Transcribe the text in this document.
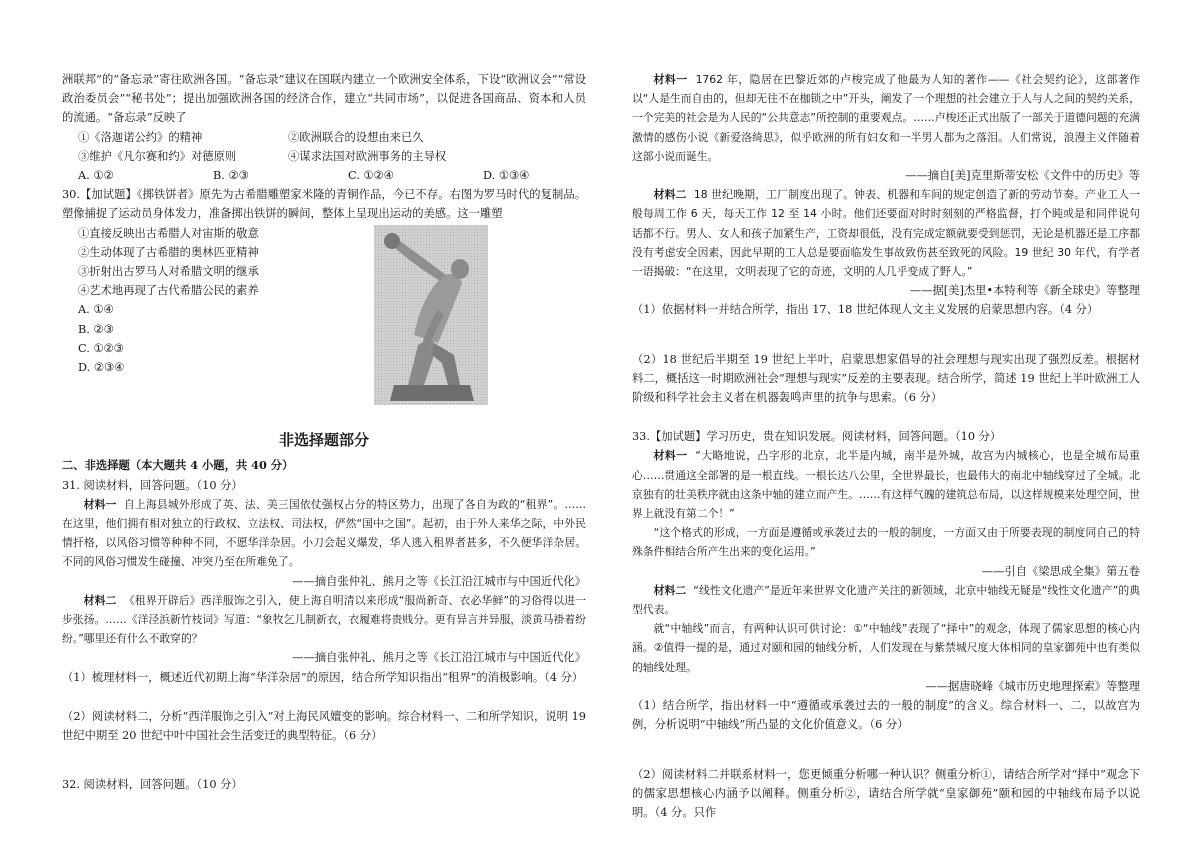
洲联邦”的“备忘录”寄往欧洲各国。“备忘录”建议在国联内建立一个欧洲安全体系，下设“欧洲议会”“常设政治委员会”“秘书处”；提出加强欧洲各国的经济合作，建立“共同市场”，以促进各国商品、资本和人员的流通。“备忘录”反映了

①《洛迦诺公约》的精神	②欧洲联合的设想由来已久
③维护《凡尔赛和约》对德原则	④谋求法国对欧洲事务的主导权
A. ①②	B. ②③	C. ①②④	D. ①③④

30.【加试题】《掷铁饼者》原先为古希腊雕塑家米隆的青铜作品，今已不存。右图为罗马时代的复制品。塑像捕捉了运动员身体发力，准备掷出铁饼的瞬间，整体上呈现出运动的美感。这一雕塑

①直接反映出古希腊人对宙斯的敬意

②生动体现了古希腊的奥林匹亚精神

③折射出古罗马人对希腊文明的继承

④艺术地再现了古代希腊公民的素养

A. ①④

B. ②③

C. ①②③

D. ②③④

非选择题部分

二、非选择题（本大题共 4 小题，共 40 分）

31. 阅读材料，回答问题。（10 分）

材料一 自上海县城外形成了英、法、美三国依仗强权占分的特区势力，出现了各自为政的“租界”。……在这里，他们拥有相对独立的行政权、立法权、司法权，俨然“国中之国”。起初，由于外人来华之际，中外民情扞格，以风俗习惯等种种不同，不愿华洋杂居。小刀会起义爆发，华人逃入租界者甚多，不久便华洋杂居。不同的风俗习惯发生碰撞、冲突乃至在所难免了。

——摘自张仲礼、熊月之等《长江沿江城市与中国近代化》

材料二 《租界开辟后》西洋服饰之引入，使上海自明清以来形成“服尚新奇、衣必华鲜”的习俗得以进一步张扬。……《洋泾浜新竹枝词》写道：“象牧乞儿制新衣，衣履难将贵贱分。更有异言并异服，淡黄马褂着纷纷。”哪里还有什么不敢穿的？

——摘自张仲礼、熊月之等《长江沿江城市与中国近代化》

（1）梳理材料一，概述近代初期上海“华洋杂居”的原因，结合所学知识指出“租界”的消极影响。（4 分）

（2）阅读材料二，分析“西洋服饰之引入”对上海民风嬗变的影响。综合材料一、二和所学知识，说明 19 世纪中期至 20 世纪中叶中国社会生活变迁的典型特征。（6 分）

32. 阅读材料，回答问题。（10 分）

材料一 1762 年，隐居在巴黎近郊的卢梭完成了他最为人知的著作——《社会契约论》，这部著作以“人是生而自由的，但却无往不在枷锁之中”开头，阐发了一个理想的社会建立于人与人之间的契约关系，一个完美的社会是为人民的“公共意志”所控制的重要观点。……卢梭还正式出版了一部关于道德问题的充满激情的感伤小说《新爱洛绮思》，似乎欧洲的所有妇女和一半男人都为之落泪。人们常说，浪漫主义伴随着这部小说而诞生。

——摘自[美]克里斯蒂安松《文件中的历史》等

材料二 18 世纪晚期，工厂制度出现了。钟表、机器和车间的规定创造了新的劳动节奏。产业工人一般每周工作 6 天，每天工作 12 至 14 小时。他们还要面对时时刻刻的严格监督，打个盹或是和同伴说句话都不行。男人、女人和孩子加紧生产，工资却很低，没有完成定额就要受到惩罚，无论是机器还是工序都没有考虑安全因素，因此早期的工人总是要面临发生事故致伤甚至致死的风险。19 世纪 30 年代，有学者一语揭破：“在这里，文明表现了它的奇迹，文明的人几乎变成了野人。”

——据[美]杰里•本特利等《新全球史》等整理

（1）依据材料一并结合所学，指出 17、18 世纪体现人文主义发展的启蒙思想内容。（4 分）

（2）18 世纪后半期至 19 世纪上半叶，启蒙思想家倡导的社会理想与现实出现了强烈反差。根据材料二，概括这一时期欧洲社会“理想与现实”反差的主要表现。结合所学，简述 19 世纪上半叶欧洲工人阶级和科学社会主义者在机器轰鸣声里的抗争与思索。（6 分）

33.【加试题】学习历史，贵在知识发展。阅读材料，回答问题。（10 分）

材料一 “大略地说，凸字形的北京，北半是内城，南半是外城，故宫为内城核心，也是全城布局重心……贯通这全部署的是一根直线。一根长达八公里，全世界最长，也最伟大的南北中轴线穿过了全城。北京独有的壮美秩序就由这条中轴的建立而产生。……有这样气魄的建筑总布局，以这样规模来处理空间，世界上就没有第二个！”

“这个格式的形成，一方面是遵循或承袭过去的一般的制度，一方面又由于所要表现的制度同自己的特殊条件相结合所产生出来的变化运用。”

——引自《梁思成全集》第五卷

材料二 “线性文化遗产”是近年来世界文化遗产关注的新领域，北京中轴线无疑是“线性文化遗产”的典型代表。

就“中轴线”而言，有两种认识可供讨论：①“中轴线”表现了“择中”的观念，体现了儒家思想的核心内涵。②值得一提的是，通过对颐和园的轴线分析，人们发现在与紫禁城尺度大体相同的皇家御苑中也有类似的轴线处理。

——据唐晓峰《城市历史地理探索》等整理

（1）结合所学，指出材料一中“遵循或承袭过去的一般的制度”的含义。综合材料一、二，以故宫为例，分析说明“中轴线”所凸显的文化价值意义。（6 分）

（2）阅读材料二并联系材料一，您更倾重分析哪一种认识？侧重分析①，请结合所学对“择中”观念下的儒家思想核心内涵予以阐释。侧重分析②，请结合所学就“皇家御苑”颐和园的中轴线布局予以说明。（4 分。只作
